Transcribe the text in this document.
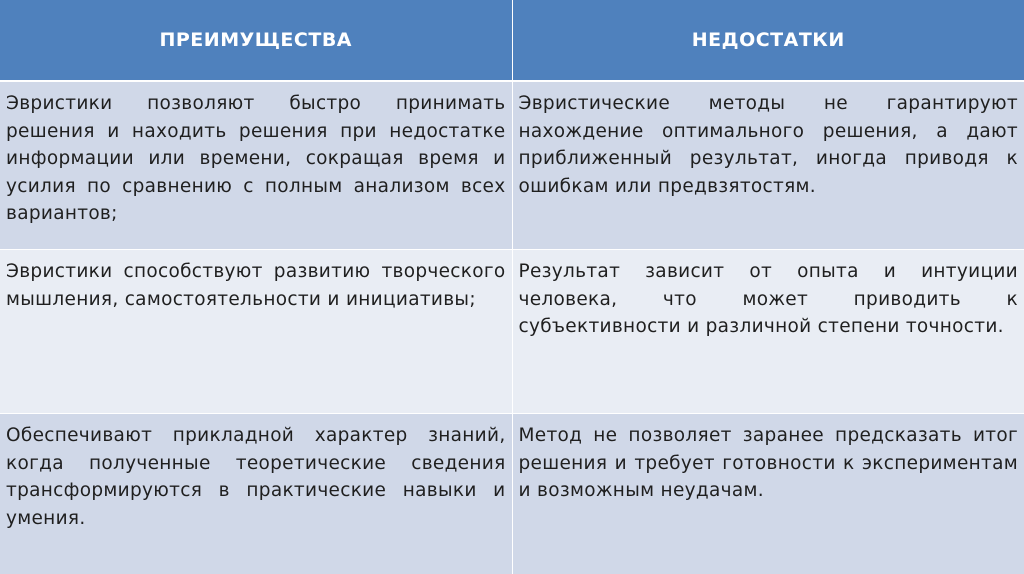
ПРЕИМУЩЕСТВА	НЕДОСТАТКИ

Эвристики позволяют быстро принимать решения и находить решения при недостатке информации или времени, сокращая время и усилия по сравнению с полным анализом всех вариантов;	Эвристические методы не гарантируют нахождение оптимального решения, а дают приближенный результат, иногда приводя к ошибкам или предвзятостям.

Эвристики способствуют развитию творческого мышления, самостоятельности и инициативы;	Результат зависит от опыта и интуиции человека, что может приводить к субъективности и различной степени точности.

Обеспечивают прикладной характер знаний, когда полученные теоретические сведения трансформируются в практические навыки и умения.	Метод не позволяет заранее предсказать итог решения и требует готовности к экспериментам и возможным неудачам.
